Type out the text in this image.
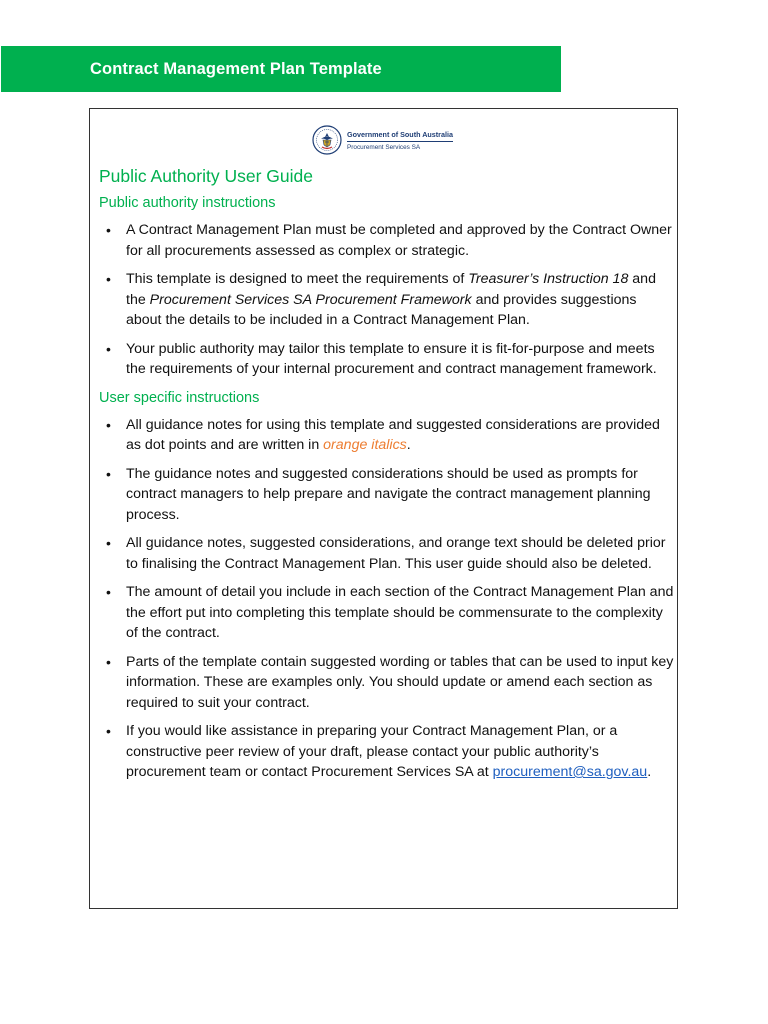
Contract Management Plan Template
Government of South Australia
Procurement Services SA
Public Authority User Guide
Public authority instructions
• A Contract Management Plan must be completed and approved by the Contract Owner for all procurements assessed as complex or strategic.
• This template is designed to meet the requirements of Treasurer’s Instruction 18 and the Procurement Services SA Procurement Framework and provides suggestions about the details to be included in a Contract Management Plan.
• Your public authority may tailor this template to ensure it is fit-for-purpose and meets the requirements of your internal procurement and contract management framework.
User specific instructions
• All guidance notes for using this template and suggested considerations are provided as dot points and are written in orange italics.
• The guidance notes and suggested considerations should be used as prompts for contract managers to help prepare and navigate the contract management planning process.
• All guidance notes, suggested considerations, and orange text should be deleted prior to finalising the Contract Management Plan. This user guide should also be deleted.
• The amount of detail you include in each section of the Contract Management Plan and the effort put into completing this template should be commensurate to the complexity of the contract.
• Parts of the template contain suggested wording or tables that can be used to input key information. These are examples only. You should update or amend each section as required to suit your contract.
• If you would like assistance in preparing your Contract Management Plan, or a constructive peer review of your draft, please contact your public authority’s procurement team or contact Procurement Services SA at procurement@sa.gov.au.
